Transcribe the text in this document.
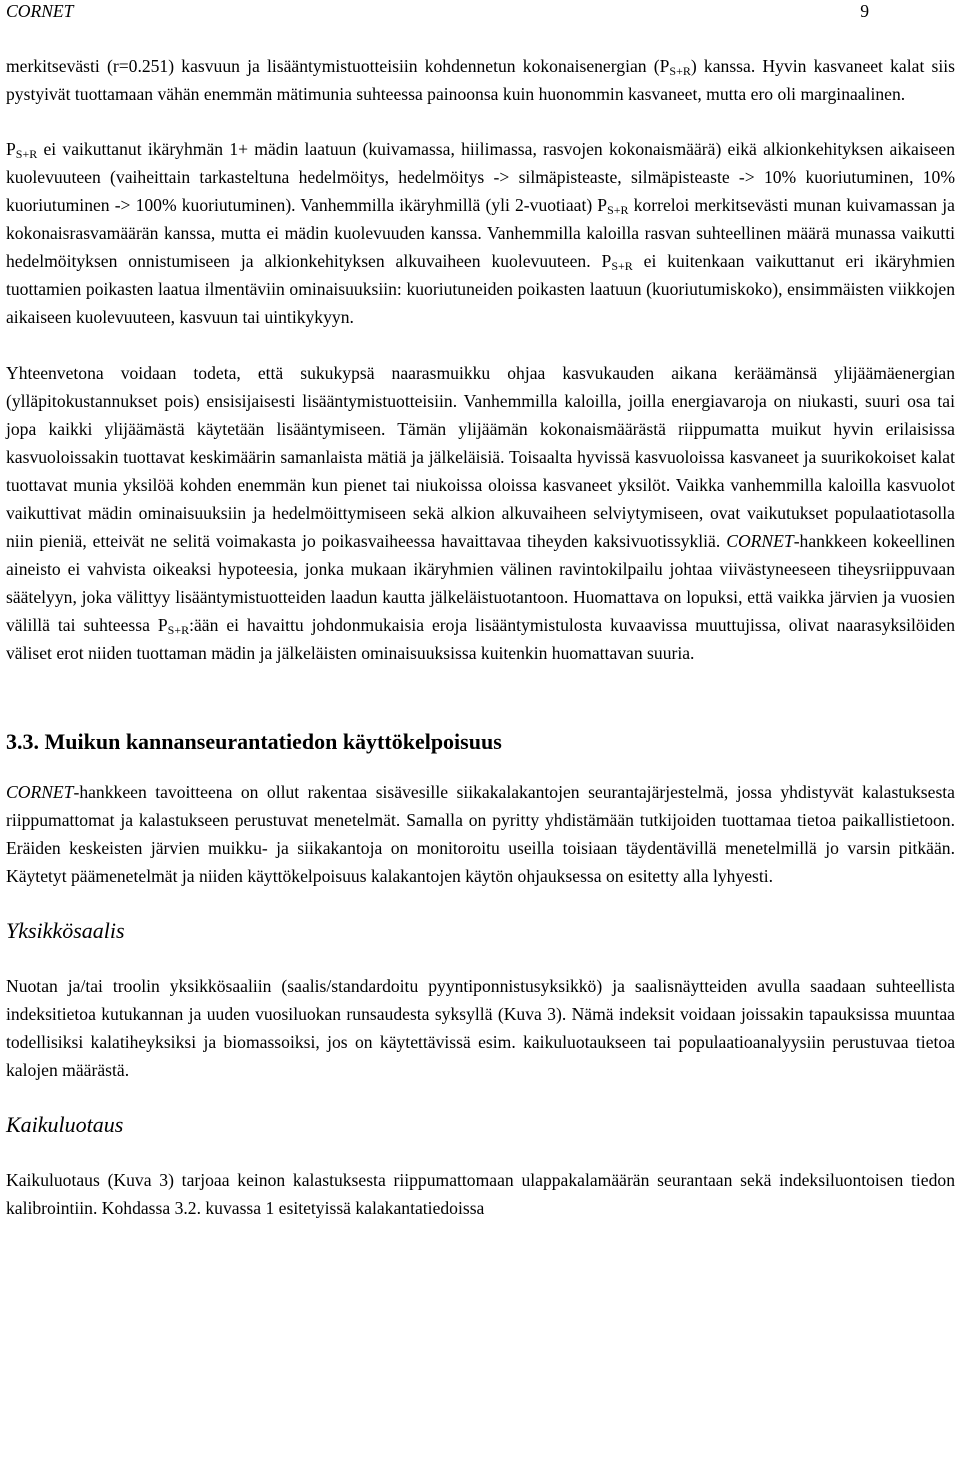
CORNET	9

merkitsevästi (r=0.251) kasvuun ja lisääntymistuotteisiin kohdennetun kokonaisenergian $(P_{S+R})$ kanssa. Hyvin kasvaneet kalat siis pystyivät tuottamaan vähän enemmän mätimunia suhteessa painoonsa kuin huonommin kasvaneet, mutta ero oli marginaalinen.

$P_{S+R}$ ei vaikuttanut ikäryhmän 1+ mädin laatuun (kuivamassa, hiilimassa, rasvojen kokonaismäärä) eikä alkionkehityksen aikaiseen kuolevuuteen (vaiheittain tarkasteltuna hedelmöitys, hedelmöitys -> silmäpisteaste, silmäpisteaste -> 10% kuoriutuminen, 10% kuoriutuminen -> 100% kuoriutuminen). Vanhemmilla ikäryhmillä (yli 2-vuotiaat) $P_{S+R}$ korreloi merkitsevästi munan kuivamassan ja kokonaisrasvamäärän kanssa, mutta ei mädin kuolevuuden kanssa. Vanhemmilla kaloilla rasvan suhteellinen määrä munassa vaikutti hedelmöityksen onnistumiseen ja alkionkehityksen alkuvaiheen kuolevuuteen. $P_{S+R}$ ei kuitenkaan vaikuttanut eri ikäryhmien tuottamien poikasten laatua ilmentäviin ominaisuuksiin: kuoriutuneiden poikasten laatuun (kuoriutumiskoko), ensimmäisten viikkojen aikaiseen kuolevuuteen, kasvuun tai uintikykyyn.

Yhteenvetona voidaan todeta, että sukukypsä naarasmuikku ohjaa kasvukauden aikana keräämänsä ylijäämäenergian (ylläpitokustannukset pois) ensisijaisesti lisääntymistuotteisiin. Vanhemmilla kaloilla, joilla energiavaroja on niukasti, suuri osa tai jopa kaikki ylijäämästä käytetään lisääntymiseen. Tämän ylijäämän kokonaismäärästä riippumatta muikut hyvin erilaisissa kasvuoloissakin tuottavat keskimäärin samanlaista mätiä ja jälkeläisiä. Toisaalta hyvissä kasvuoloissa kasvaneet ja suurikokoiset kalat tuottavat munia yksilöä kohden enemmän kun pienet tai niukoissa oloissa kasvaneet yksilöt. Vaikka vanhemmilla kaloilla kasvuolot vaikuttivat mädin ominaisuuksiin ja hedelmöittymiseen sekä alkion alkuvaiheen selviytymiseen, ovat vaikutukset populaatiotasolla niin pieniä, etteivät ne selitä voimakasta jo poikasvaiheessa havaittavaa tiheyden kaksivuotissykliä. CORNET-hankkeen kokeellinen aineisto ei vahvista oikeaksi hypoteesia, jonka mukaan ikäryhmien välinen ravintokilpailu johtaa viivästyneeseen tiheysriippuvaan säätelyyn, joka välittyy lisääntymistuotteiden laadun kautta jälkeläistuotantoon. Huomattava on lopuksi, että vaikka järvien ja vuosien välillä tai suhteessa $P_{S+R}:ään$ ei havaittu johdonmukaisia eroja lisääntymistulosta kuvaavissa muuttujissa, olivat naarasyksilöiden väliset erot niiden tuottaman mädin ja jälkeläisten ominaisuuksissa kuitenkin huomattavan suuria.

3.3. Muikun kannanseurantatiedon käyttökelpoisuus

CORNET-hankkeen tavoitteena on ollut rakentaa sisävesille siikakalakantojen seurantajärjestelmä, jossa yhdistyvät kalastuksesta riippumattomat ja kalastukseen perustuvat menetelmät. Samalla on pyritty yhdistämään tutkijoiden tuottamaa tietoa paikallistietoon. Eräiden keskeisten järvien muikku- ja siikakantoja on monitoroitu useilla toisiaan täydentävillä menetelmillä jo varsin pitkään. Käytetyt päämenetelmät ja niiden käyttökelpoisuus kalakantojen käytön ohjauksessa on esitetty alla lyhyesti.

Yksikkösaalis

Nuotan ja/tai troolin yksikkösaaliin (saalis/standardoitu pyyntiponnistusyksikkö) ja saalisnäytteiden avulla saadaan suhteellista indeksitietoa kutukannan ja uuden vuosiluokan runsaudesta syksyllä (Kuva 3). Nämä indeksit voidaan joissakin tapauksissa muuntaa todellisiksi kalatiheyksiksi ja biomassoiksi, jos on käytettävissä esim. kaikuluotaukseen tai populaatioanalyysiin perustuvaa tietoa kalojen määrästä.

Kaikuluotaus

Kaikuluotaus (Kuva 3) tarjoaa keinon kalastuksesta riippumattomaan ulappakalamäärän seurantaan sekä indeksiluontoisen tiedon kalibrointiin. Kohdassa 3.2. kuvassa 1 esitetyissä kalakantatiedoissa
